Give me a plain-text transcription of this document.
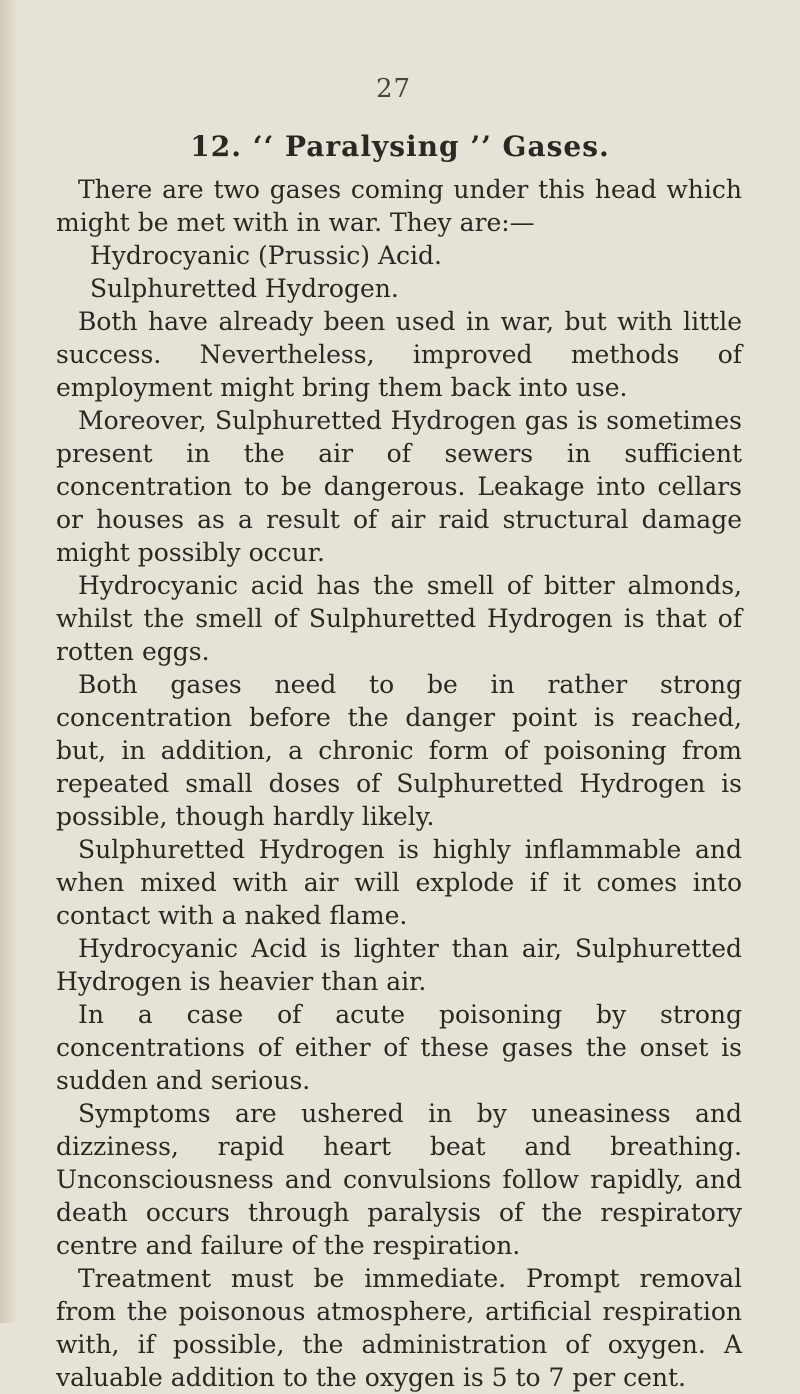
27
12. ‘‘ Paralysing ’’ Gases.

There are two gases coming under this head which might be met with in war. They are:—

Hydrocyanic (Prussic) Acid.

Sulphuretted Hydrogen.

Both have already been used in war, but with little success. Nevertheless, improved methods of employment might bring them back into use.

Moreover, Sulphuretted Hydrogen gas is sometimes present in the air of sewers in sufficient concentration to be dangerous. Leakage into cellars or houses as a result of air raid structural damage might possibly occur.

Hydrocyanic acid has the smell of bitter almonds, whilst the smell of Sulphuretted Hydrogen is that of rotten eggs.

Both gases need to be in rather strong concentration before the danger point is reached, but, in addition, a chronic form of poisoning from repeated small doses of Sulphuretted Hydrogen is possible, though hardly likely.

Sulphuretted Hydrogen is highly inflammable and when mixed with air will explode if it comes into contact with a naked flame.

Hydrocyanic Acid is lighter than air, Sulphuretted Hydrogen is heavier than air.

In a case of acute poisoning by strong concentrations of either of these gases the onset is sudden and serious.

Symptoms are ushered in by uneasiness and dizziness, rapid heart beat and breathing. Unconsciousness and convulsions follow rapidly, and death occurs through paralysis of the respiratory centre and failure of the respiration.

Treatment must be immediate. Prompt removal from the poisonous atmosphere, artificial respiration with, if possible, the administration of oxygen. A valuable addition to the oxygen is 5 to 7 per cent.
